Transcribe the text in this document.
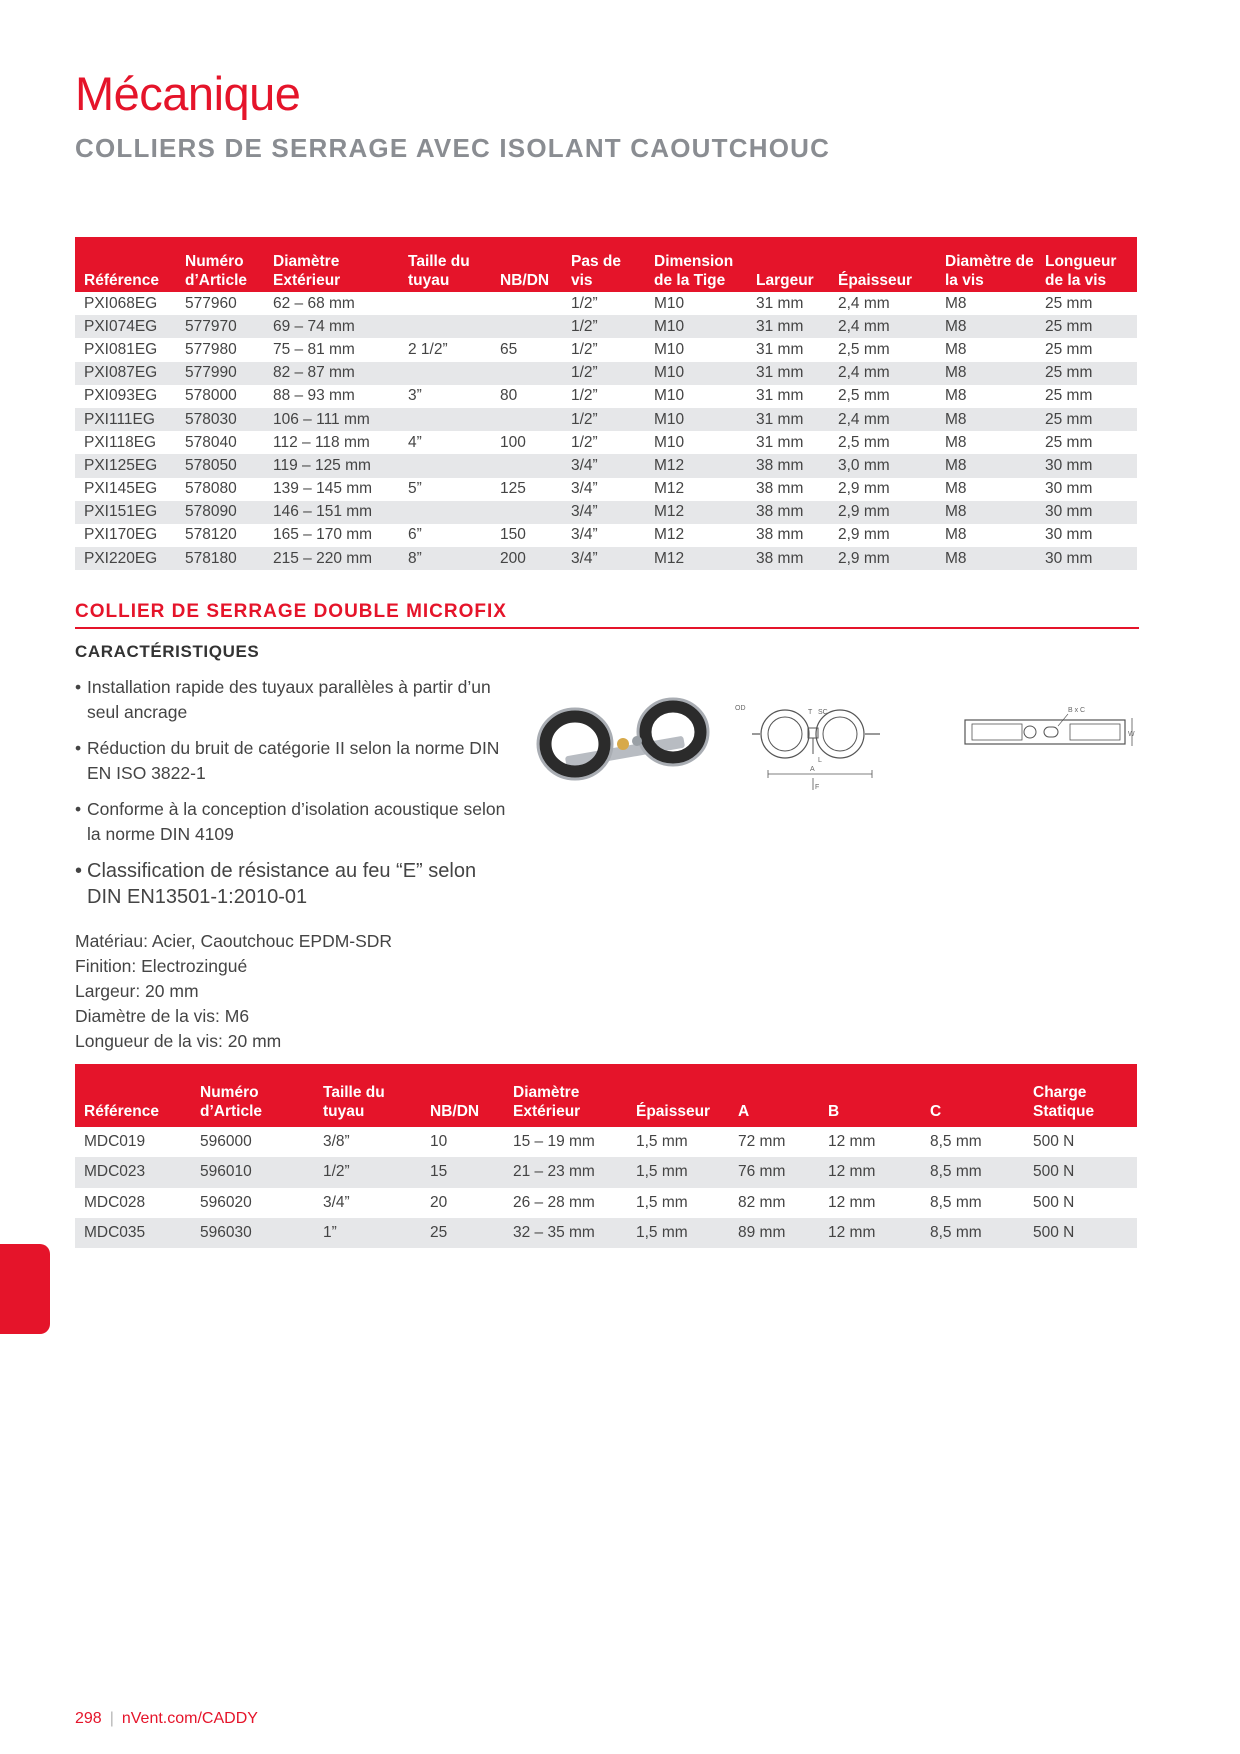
Mécanique
COLLIERS DE SERRAGE AVEC ISOLANT CAOUTCHOUC
Référence	Numéro d’Article	Diamètre Extérieur	Taille du tuyau	NB/DN	Pas de vis	Dimension de la Tige	Largeur	Épaisseur	Diamètre de la vis	Longueur de la vis
PXI068EG	577960	62 – 68 mm			1/2”	M10	31 mm	2,4 mm	M8	25 mm
PXI074EG	577970	69 – 74 mm			1/2”	M10	31 mm	2,4 mm	M8	25 mm
PXI081EG	577980	75 – 81 mm	2 1/2”	65	1/2”	M10	31 mm	2,5 mm	M8	25 mm
PXI087EG	577990	82 – 87 mm			1/2”	M10	31 mm	2,4 mm	M8	25 mm
PXI093EG	578000	88 – 93 mm	3”	80	1/2”	M10	31 mm	2,5 mm	M8	25 mm
PXI111EG	578030	106 – 111 mm			1/2”	M10	31 mm	2,4 mm	M8	25 mm
PXI118EG	578040	112 – 118 mm	4”	100	1/2”	M10	31 mm	2,5 mm	M8	25 mm
PXI125EG	578050	119 – 125 mm			3/4”	M12	38 mm	3,0 mm	M8	30 mm
PXI145EG	578080	139 – 145 mm	5”	125	3/4”	M12	38 mm	2,9 mm	M8	30 mm
PXI151EG	578090	146 – 151 mm			3/4”	M12	38 mm	2,9 mm	M8	30 mm
PXI170EG	578120	165 – 170 mm	6”	150	3/4”	M12	38 mm	2,9 mm	M8	30 mm
PXI220EG	578180	215 – 220 mm	8”	200	3/4”	M12	38 mm	2,9 mm	M8	30 mm
COLLIER DE SERRAGE DOUBLE MICROFIX
CARACTÉRISTIQUES
• Installation rapide des tuyaux parallèles à partir d’un seul ancrage
• Réduction du bruit de catégorie II selon la norme DIN EN ISO 3822-1
• Conforme à la conception d’isolation acoustique selon la norme DIN 4109
• Classification de résistance au feu “E” selon DIN EN13501-1:2010-01
OD
T SC
L
A
F
B x C
W
Matériau: Acier, Caoutchouc EPDM-SDR
Finition: Electrozingué
Largeur: 20 mm
Diamètre de la vis: M6
Longueur de la vis: 20 mm
Référence	Numéro d’Article	Taille du tuyau	NB/DN	Diamètre Extérieur	Épaisseur	A	B	C	Charge Statique
MDC019	596000	3/8”	10	15 – 19 mm	1,5 mm	72 mm	12 mm	8,5 mm	500 N
MDC023	596010	1/2”	15	21 – 23 mm	1,5 mm	76 mm	12 mm	8,5 mm	500 N
MDC028	596020	3/4”	20	26 – 28 mm	1,5 mm	82 mm	12 mm	8,5 mm	500 N
MDC035	596030	1”	25	32 – 35 mm	1,5 mm	89 mm	12 mm	8,5 mm	500 N
298 | nVent.com/CADDY
